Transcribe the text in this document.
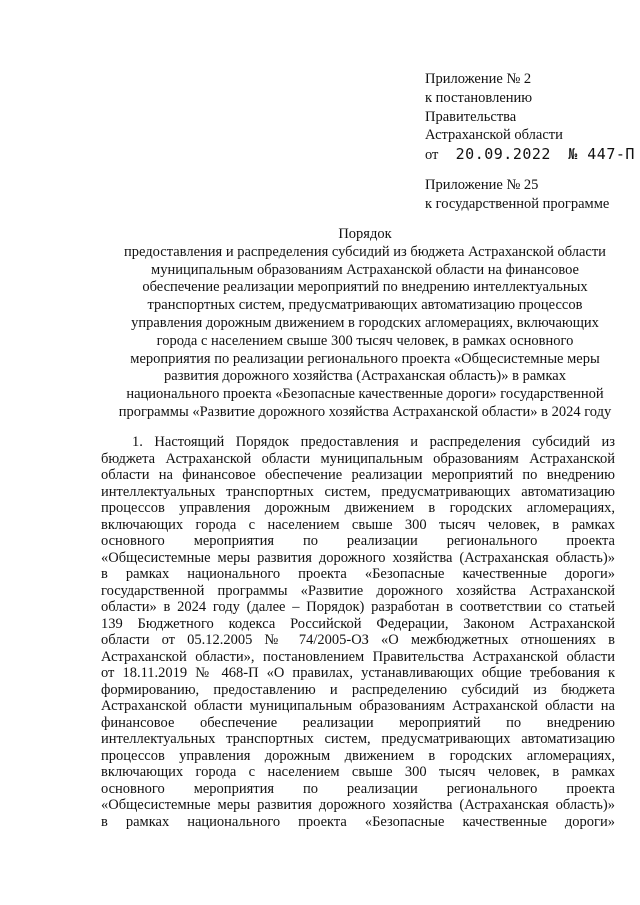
Приложение № 2
к постановлению
Правительства
Астраханской области
от 20.09.2022 № 447-П
Приложение № 25
к государственной программе
Порядок
предоставления и распределения субсидий из бюджета Астраханской области
муниципальным образованиям Астраханской области на финансовое
обеспечение реализации мероприятий по внедрению интеллектуальных
транспортных систем, предусматривающих автоматизацию процессов
управления дорожным движением в городских агломерациях, включающих
города с населением свыше 300 тысяч человек, в рамках основного
мероприятия по реализации регионального проекта «Общесистемные меры
развития дорожного хозяйства (Астраханская область)» в рамках
национального проекта «Безопасные качественные дороги» государственной
программы «Развитие дорожного хозяйства Астраханской области» в 2024 году
1. Настоящий Порядок предоставления и распределения субсидий из
бюджета Астраханской области муниципальным образованиям Астраханской
области на финансовое обеспечение реализации мероприятий по внедрению
интеллектуальных транспортных систем, предусматривающих автоматизацию
процессов управления дорожным движением в городских агломерациях,
включающих города с населением свыше 300 тысяч человек, в рамках
основного мероприятия по реализации регионального проекта
«Общесистемные меры развития дорожного хозяйства (Астраханская область)»
в рамках национального проекта «Безопасные качественные дороги»
государственной программы «Развитие дорожного хозяйства Астраханской
области» в 2024 году (далее – Порядок) разработан в соответствии со статьей
139 Бюджетного кодекса Российской Федерации, Законом Астраханской
области от 05.12.2005 № 74/2005-ОЗ «О межбюджетных отношениях в
Астраханской области», постановлением Правительства Астраханской области
от 18.11.2019 № 468-П «О правилах, устанавливающих общие требования к
формированию, предоставлению и распределению субсидий из бюджета
Астраханской области муниципальным образованиям Астраханской области на
финансовое обеспечение реализации мероприятий по внедрению
интеллектуальных транспортных систем, предусматривающих автоматизацию
процессов управления дорожным движением в городских агломерациях,
включающих города с населением свыше 300 тысяч человек, в рамках
основного мероприятия по реализации регионального проекта
«Общесистемные меры развития дорожного хозяйства (Астраханская область)»
в рамках национального проекта «Безопасные качественные дороги»
